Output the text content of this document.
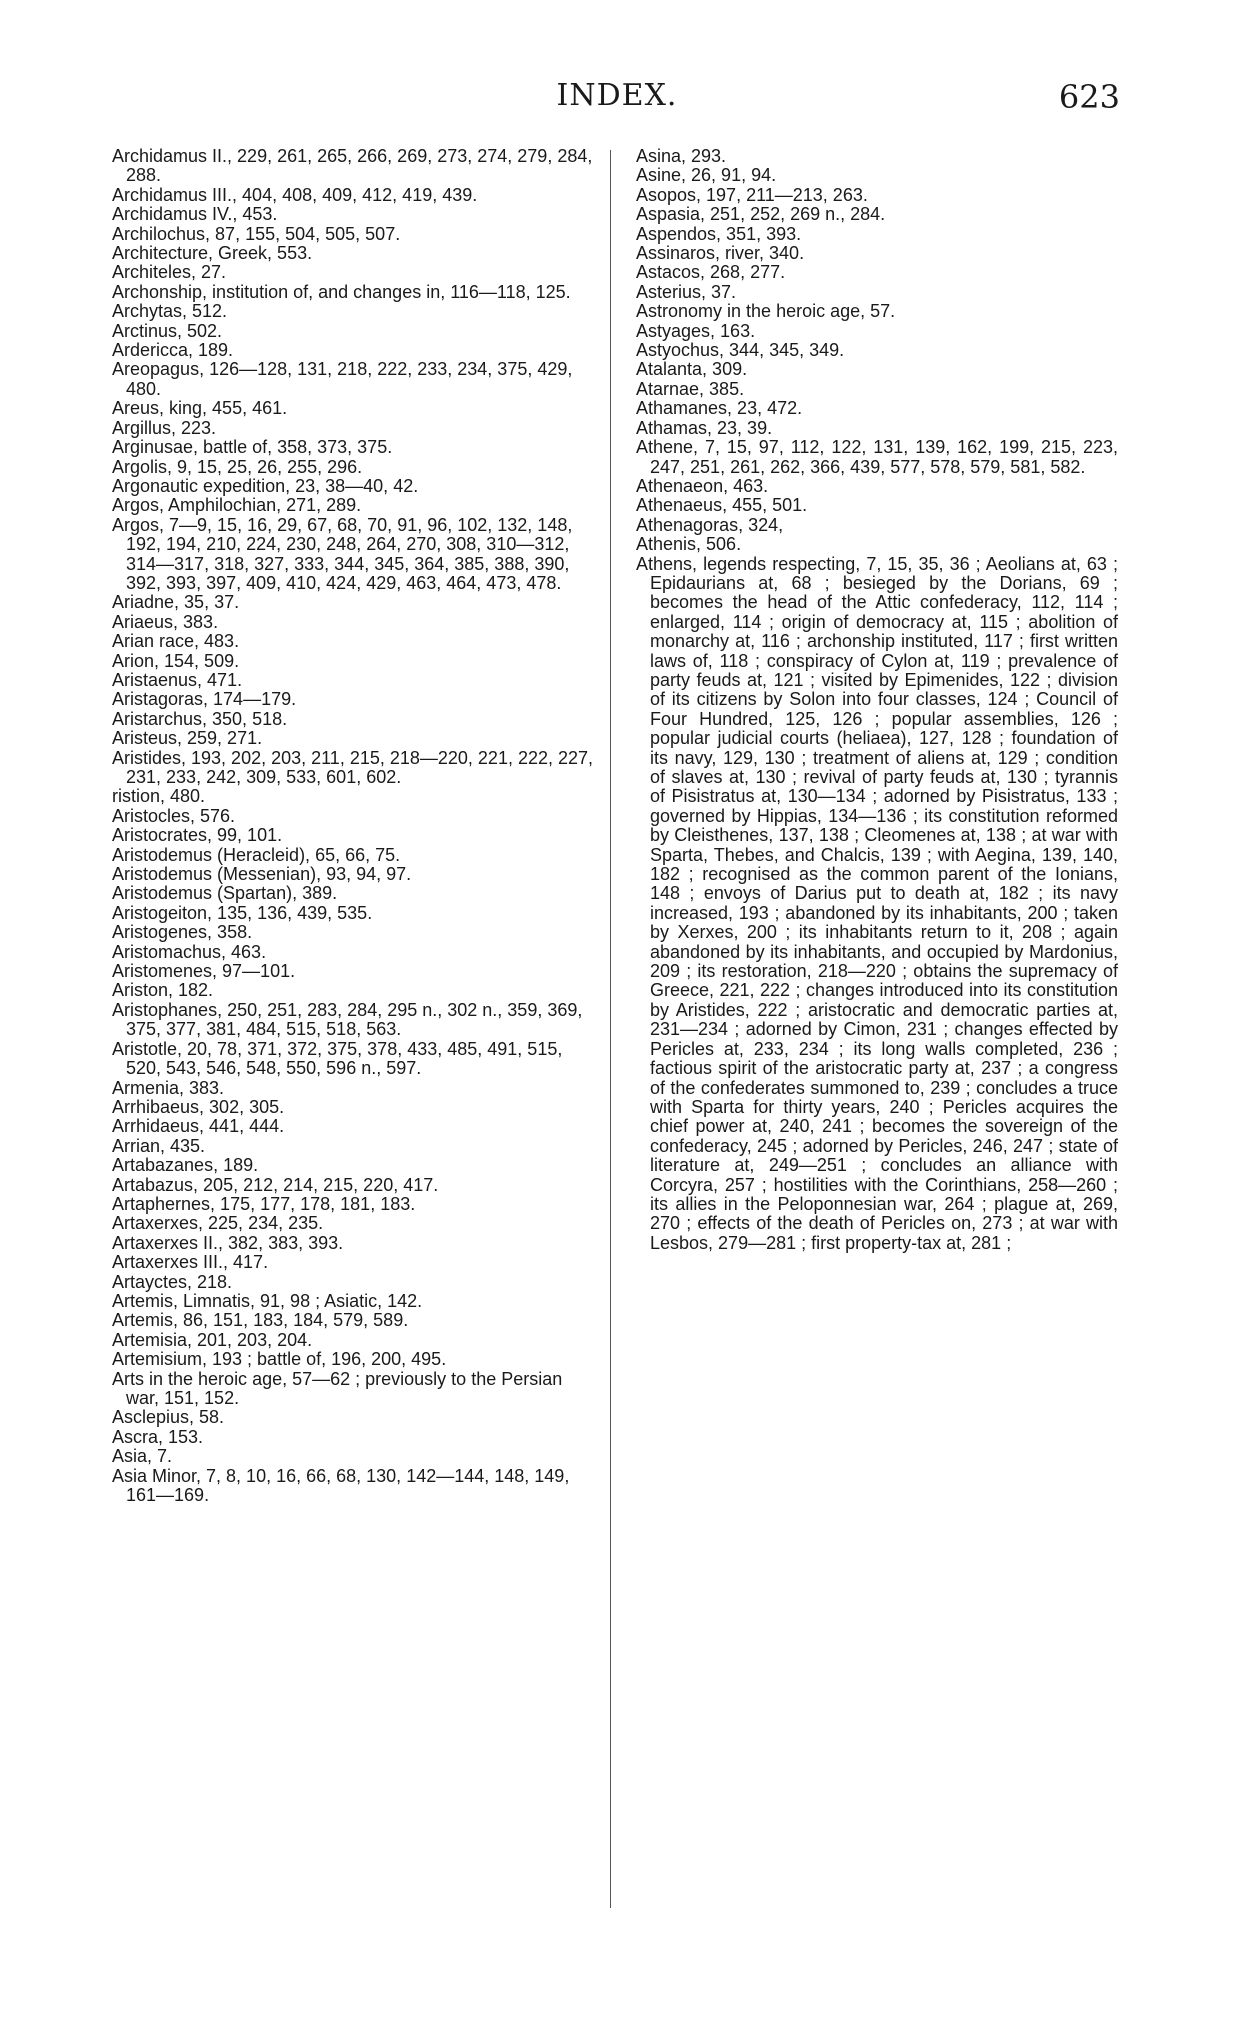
INDEX.	623

Archidamus II., 229, 261, 265, 266, 269, 273, 274, 279, 284, 288.

Archidamus III., 404, 408, 409, 412, 419, 439.

Archidamus IV., 453.

Archilochus, 87, 155, 504, 505, 507.

Architecture, Greek, 553.

Architeles, 27.

Archonship, institution of, and changes in, 116—118, 125.

Archytas, 512.

Arctinus, 502.

Ardericca, 189.

Areopagus, 126—128, 131, 218, 222, 233, 234, 375, 429, 480.

Areus, king, 455, 461.

Argillus, 223.

Arginusae, battle of, 358, 373, 375.

Argolis, 9, 15, 25, 26, 255, 296.

Argonautic expedition, 23, 38—40, 42.

Argos, Amphilochian, 271, 289.

Argos, 7—9, 15, 16, 29, 67, 68, 70, 91, 96, 102, 132, 148, 192, 194, 210, 224, 230, 248, 264, 270, 308, 310—312, 314—317, 318, 327, 333, 344, 345, 364, 385, 388, 390, 392, 393, 397, 409, 410, 424, 429, 463, 464, 473, 478.

Ariadne, 35, 37.

Ariaeus, 383.

Arian race, 483.

Arion, 154, 509.

Aristaenus, 471.

Aristagoras, 174—179.

Aristarchus, 350, 518.

Aristeus, 259, 271.

Aristides, 193, 202, 203, 211, 215, 218—220, 221, 222, 227, 231, 233, 242, 309, 533, 601, 602.

ristion, 480.

Aristocles, 576.

Aristocrates, 99, 101.

Aristodemus (Heracleid), 65, 66, 75.

Aristodemus (Messenian), 93, 94, 97.

Aristodemus (Spartan), 389.

Aristogeiton, 135, 136, 439, 535.

Aristogenes, 358.

Aristomachus, 463.

Aristomenes, 97—101.

Ariston, 182.

Aristophanes, 250, 251, 283, 284, 295 n., 302 n., 359, 369, 375, 377, 381, 484, 515, 518, 563.

Aristotle, 20, 78, 371, 372, 375, 378, 433, 485, 491, 515, 520, 543, 546, 548, 550, 596 n., 597.

Armenia, 383.

Arrhibaeus, 302, 305.

Arrhidaeus, 441, 444.

Arrian, 435.

Artabazanes, 189.

Artabazus, 205, 212, 214, 215, 220, 417.

Artaphernes, 175, 177, 178, 181, 183.

Artaxerxes, 225, 234, 235.

Artaxerxes II., 382, 383, 393.

Artaxerxes III., 417.

Artayctes, 218.

Artemis, Limnatis, 91, 98 ; Asiatic, 142.

Artemis, 86, 151, 183, 184, 579, 589.

Artemisia, 201, 203, 204.

Artemisium, 193 ; battle of, 196, 200, 495.

Arts in the heroic age, 57—62 ; previously to the Persian war, 151, 152.

Asclepius, 58.

Ascra, 153.

Asia, 7.

Asia Minor, 7, 8, 10, 16, 66, 68, 130, 142—144, 148, 149, 161—169.

Asina, 293.

Asine, 26, 91, 94.

Asopos, 197, 211—213, 263.

Aspasia, 251, 252, 269 n., 284.

Aspendos, 351, 393.

Assinaros, river, 340.

Astacos, 268, 277.

Asterius, 37.

Astronomy in the heroic age, 57.

Astyages, 163.

Astyochus, 344, 345, 349.

Atalanta, 309.

Atarnae, 385.

Athamanes, 23, 472.

Athamas, 23, 39.

Athene, 7, 15, 97, 112, 122, 131, 139, 162, 199, 215, 223, 247, 251, 261, 262, 366, 439, 577, 578, 579, 581, 582.

Athenaeon, 463.

Athenaeus, 455, 501.

Athenagoras, 324,

Athenis, 506.

Athens, legends respecting, 7, 15, 35, 36 ; Aeolians at, 63 ; Epidaurians at, 68 ; besieged by the Dorians, 69 ; becomes the head of the Attic confederacy, 112, 114 ; enlarged, 114 ; origin of democracy at, 115 ; abolition of monarchy at, 116 ; archonship instituted, 117 ; first written laws of, 118 ; conspiracy of Cylon at, 119 ; prevalence of party feuds at, 121 ; visited by Epimenides, 122 ; division of its citizens by Solon into four classes, 124 ; Council of Four Hundred, 125, 126 ; popular assemblies, 126 ; popular judicial courts (heliaea), 127, 128 ; foundation of its navy, 129, 130 ; treatment of aliens at, 129 ; condition of slaves at, 130 ; revival of party feuds at, 130 ; tyrannis of Pisistratus at, 130—134 ; adorned by Pisistratus, 133 ; governed by Hippias, 134—136 ; its constitution reformed by Cleisthenes, 137, 138 ; Cleomenes at, 138 ; at war with Sparta, Thebes, and Chalcis, 139 ; with Aegina, 139, 140, 182 ; recognised as the common parent of the Ionians, 148 ; envoys of Darius put to death at, 182 ; its navy increased, 193 ; abandoned by its inhabitants, 200 ; taken by Xerxes, 200 ; its inhabitants return to it, 208 ; again abandoned by its inhabitants, and occupied by Mardonius, 209 ; its restoration, 218—220 ; obtains the supremacy of Greece, 221, 222 ; changes introduced into its constitution by Aristides, 222 ; aristocratic and democratic parties at, 231—234 ; adorned by Cimon, 231 ; changes effected by Pericles at, 233, 234 ; its long walls completed, 236 ; factious spirit of the aristocratic party at, 237 ; a congress of the confederates summoned to, 239 ; concludes a truce with Sparta for thirty years, 240 ; Pericles acquires the chief power at, 240, 241 ; becomes the sovereign of the confederacy, 245 ; adorned by Pericles, 246, 247 ; state of literature at, 249—251 ; concludes an alliance with Corcyra, 257 ; hostilities with the Corinthians, 258—260 ; its allies in the Peloponnesian war, 264 ; plague at, 269, 270 ; effects of the death of Pericles on, 273 ; at war with Lesbos, 279—281 ; first property-tax at, 281 ;
